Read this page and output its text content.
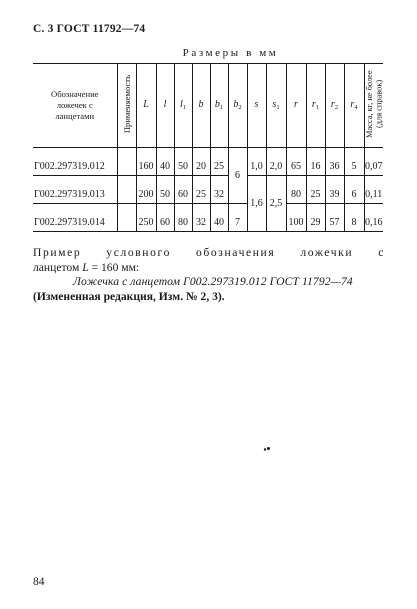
С. 3 ГОСТ 11792—74
Размеры в мм
Обозначение
ложечек с
ланцетами	Применяемость	L	l	$l_1$	b	$b_1$	$b_2$	s	$s_1$	r	$r_1$	$r_2$	$r_4$	Масса, кг, не более (для справок)
Г002.297319.012		160	40	50	20	25	6	1,0	2,0	65	16	36	5	0,07
Г002.297319.013		200	50	60	25	32		1,6	2,5	80	25	39	6	0,11
Г002.297319.014		250	60	80	32	40	7			100	29	57	8	0,16
Пример условного обозначения ложечки с
ланцетом L = 160 мм:
Ложечка с ланцетом Г002.297319.012 ГОСТ 11792—74
(Измененная редакция, Изм. № 2, 3).
84
